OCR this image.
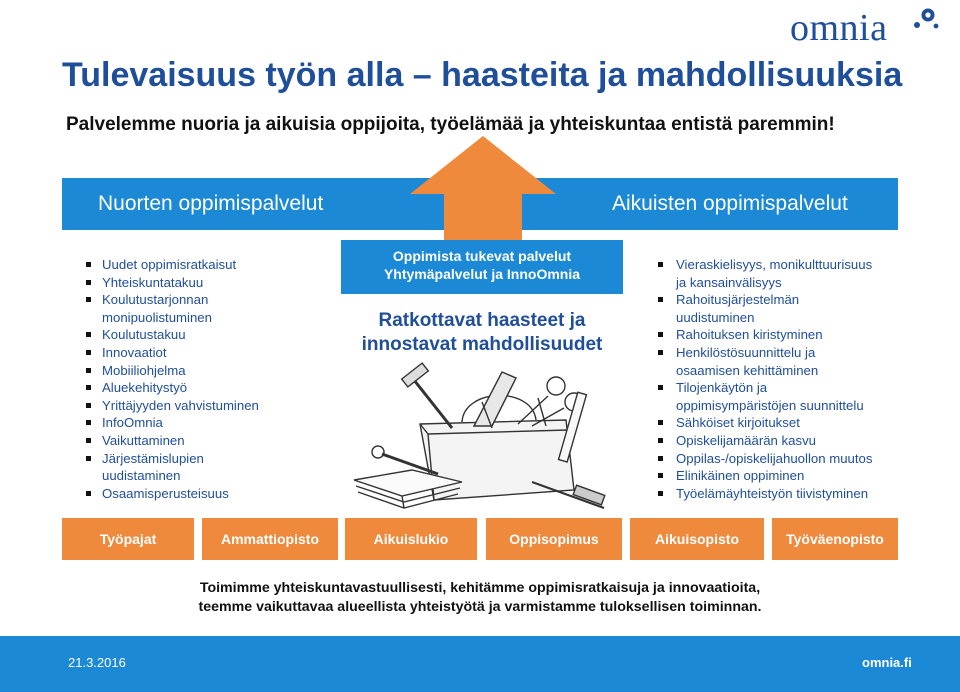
omnia
Tulevaisuus työn alla – haasteita ja mahdollisuuksia
Palvelemme nuoria ja aikuisia oppijoita, työelämää ja yhteiskuntaa entistä paremmin!
Nuorten oppimispalvelut	Aikuisten oppimispalvelut
Oppimista tukevat palvelut
Yhtymäpalvelut ja InnoOmnia
Ratkottavat haasteet ja
innostavat mahdollisuudet
Uudet oppimisratkaisut
Yhteiskuntatakuu
Koulutustarjonnan
monipuolistuminen
Koulutustakuu
Innovaatiot
Mobiiliohjelma
Aluekehitystyö
Yrittäjyyden vahvistuminen
InfoOmnia
Vaikuttaminen
Järjestämislupien
uudistaminen
Osaamisperusteisuus
Vieraskielisyys, monikulttuurisuus
ja kansainvälisyys
Rahoitusjärjestelmän
uudistuminen
Rahoituksen kiristyminen
Henkilöstösuunnittelu ja
osaamisen kehittäminen
Tilojenkäytön ja
oppimisympäristöjen suunnittelu
Sähköiset kirjoitukset
Opiskelijamäärän kasvu
Oppilas-/opiskelijahuollon muutos
Elinikäinen oppiminen
Työelämäyhteistyön tiivistyminen
Työpajat	Ammattiopisto	Aikuislukio	Oppisopimus	Aikuisopisto	Työväenopisto
Toimimme yhteiskuntavastuullisesti, kehitämme oppimisratkaisuja ja innovaatioita,
teemme vaikuttavaa alueellista yhteistyötä ja varmistamme tuloksellisen toiminnan.
21.3.2016	omnia.fi
